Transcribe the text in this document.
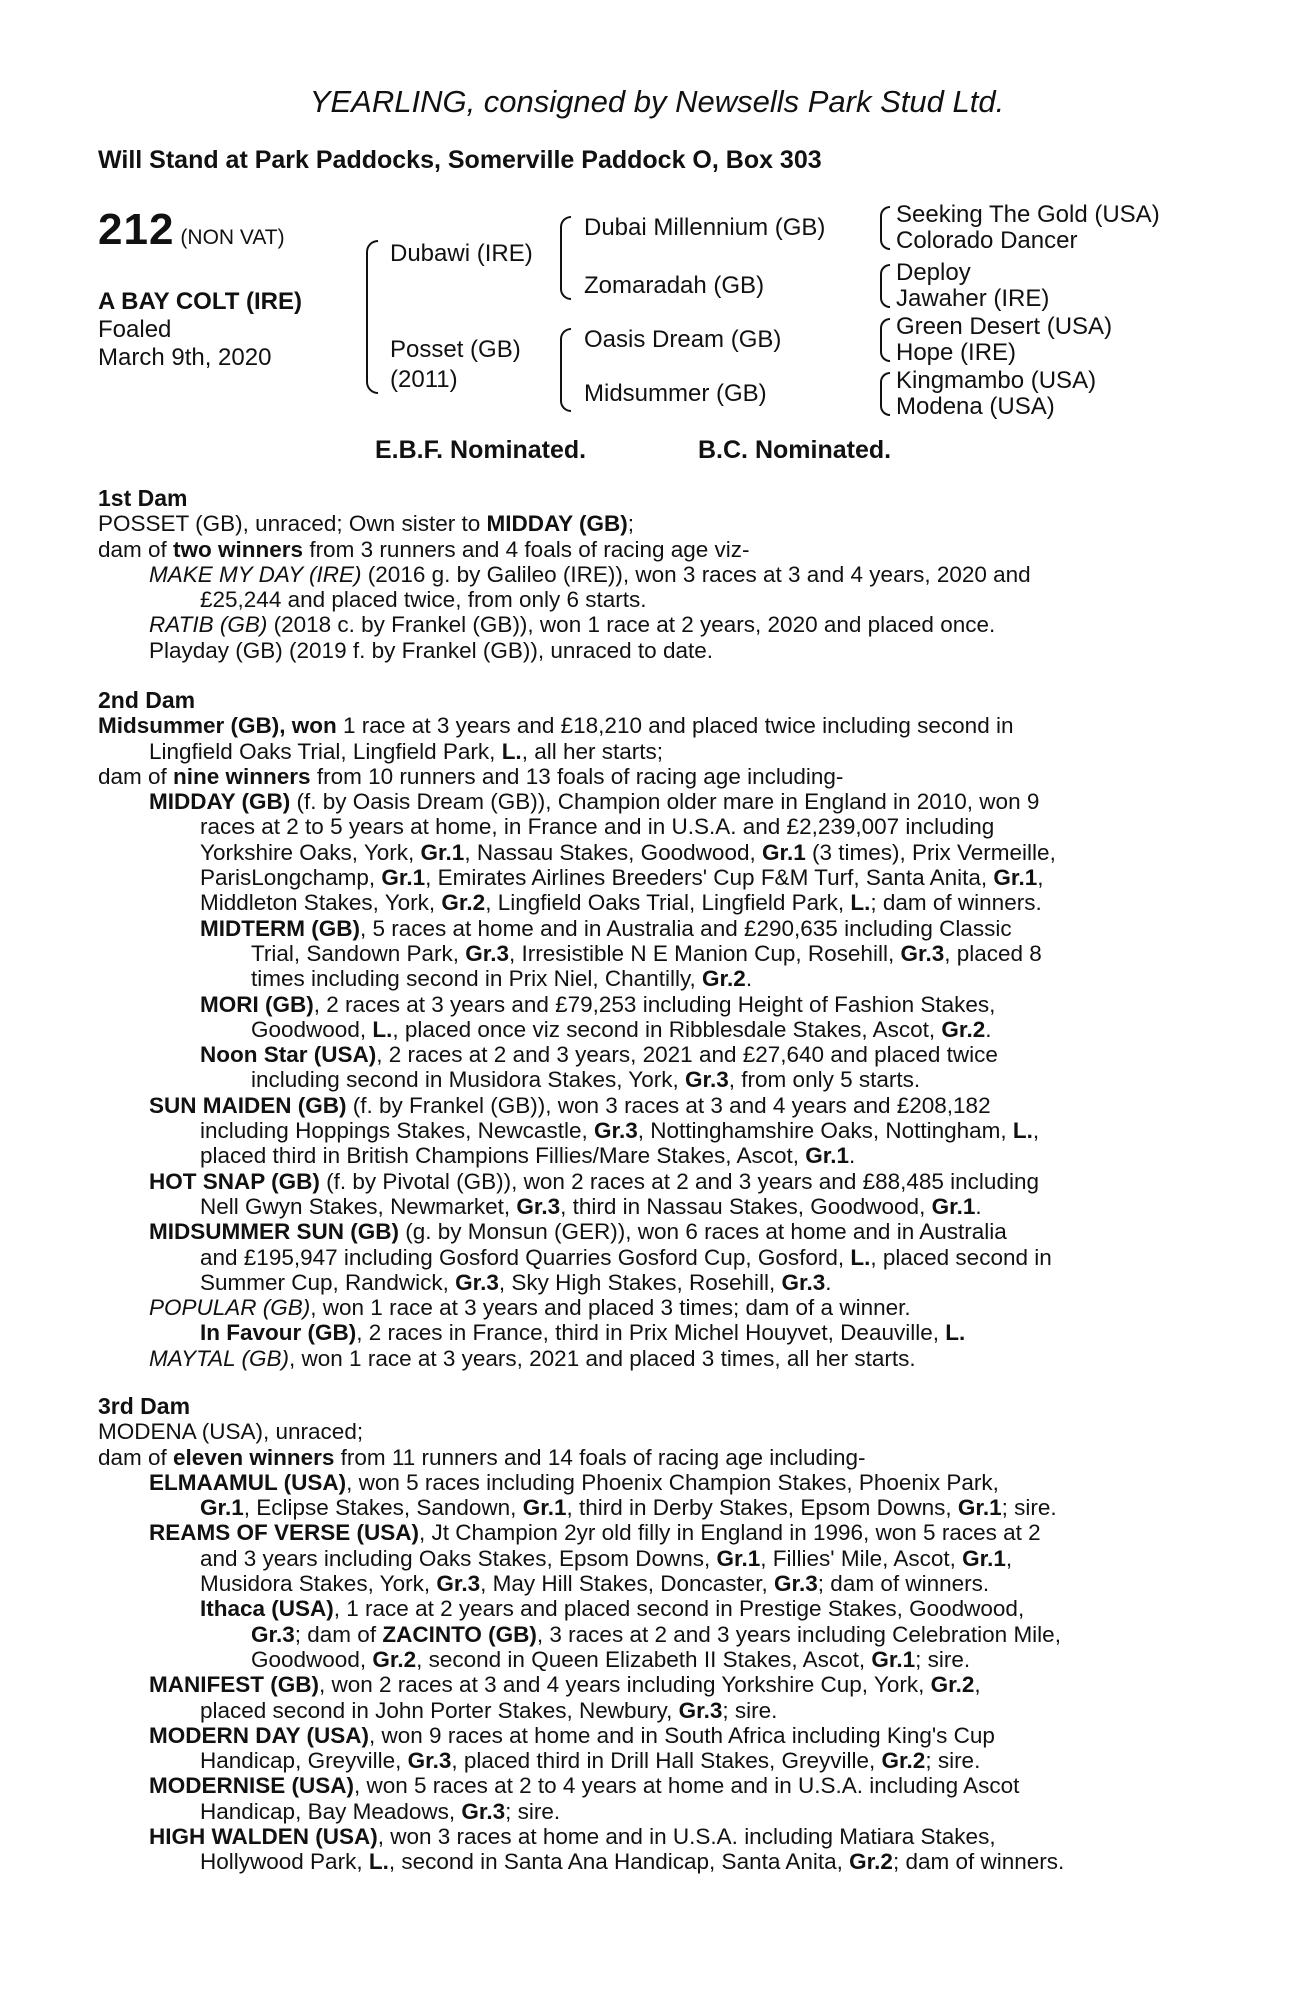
YEARLING, consigned by Newsells Park Stud Ltd.
Will Stand at Park Paddocks, Somerville Paddock O, Box 303
212 (NON VAT)
A BAY COLT (IRE)
Foaled
March 9th, 2020
Dubawi (IRE)
Posset (GB)
(2011)
Dubai Millennium (GB)
Zomaradah (GB)
Oasis Dream (GB)
Midsummer (GB)
Seeking The Gold (USA)
Colorado Dancer
Deploy
Jawaher (IRE)
Green Desert (USA)
Hope (IRE)
Kingmambo (USA)
Modena (USA)
E.B.F. Nominated.	B.C. Nominated.
1st Dam
POSSET (GB), unraced; Own sister to MIDDAY (GB);
dam of two winners from 3 runners and 4 foals of racing age viz-
MAKE MY DAY (IRE) (2016 g. by Galileo (IRE)), won 3 races at 3 and 4 years, 2020 and
£25,244 and placed twice, from only 6 starts.
RATIB (GB) (2018 c. by Frankel (GB)), won 1 race at 2 years, 2020 and placed once.
Playday (GB) (2019 f. by Frankel (GB)), unraced to date.
2nd Dam
Midsummer (GB), won 1 race at 3 years and £18,210 and placed twice including second in
Lingfield Oaks Trial, Lingfield Park, L., all her starts;
dam of nine winners from 10 runners and 13 foals of racing age including-
MIDDAY (GB) (f. by Oasis Dream (GB)), Champion older mare in England in 2010, won 9
races at 2 to 5 years at home, in France and in U.S.A. and £2,239,007 including
Yorkshire Oaks, York, Gr.1, Nassau Stakes, Goodwood, Gr.1 (3 times), Prix Vermeille,
ParisLongchamp, Gr.1, Emirates Airlines Breeders' Cup F&M Turf, Santa Anita, Gr.1,
Middleton Stakes, York, Gr.2, Lingfield Oaks Trial, Lingfield Park, L.; dam of winners.
MIDTERM (GB), 5 races at home and in Australia and £290,635 including Classic
Trial, Sandown Park, Gr.3, Irresistible N E Manion Cup, Rosehill, Gr.3, placed 8
times including second in Prix Niel, Chantilly, Gr.2.
MORI (GB), 2 races at 3 years and £79,253 including Height of Fashion Stakes,
Goodwood, L., placed once viz second in Ribblesdale Stakes, Ascot, Gr.2.
Noon Star (USA), 2 races at 2 and 3 years, 2021 and £27,640 and placed twice
including second in Musidora Stakes, York, Gr.3, from only 5 starts.
SUN MAIDEN (GB) (f. by Frankel (GB)), won 3 races at 3 and 4 years and £208,182
including Hoppings Stakes, Newcastle, Gr.3, Nottinghamshire Oaks, Nottingham, L.,
placed third in British Champions Fillies/Mare Stakes, Ascot, Gr.1.
HOT SNAP (GB) (f. by Pivotal (GB)), won 2 races at 2 and 3 years and £88,485 including
Nell Gwyn Stakes, Newmarket, Gr.3, third in Nassau Stakes, Goodwood, Gr.1.
MIDSUMMER SUN (GB) (g. by Monsun (GER)), won 6 races at home and in Australia
and £195,947 including Gosford Quarries Gosford Cup, Gosford, L., placed second in
Summer Cup, Randwick, Gr.3, Sky High Stakes, Rosehill, Gr.3.
POPULAR (GB), won 1 race at 3 years and placed 3 times; dam of a winner.
In Favour (GB), 2 races in France, third in Prix Michel Houyvet, Deauville, L.
MAYTAL (GB), won 1 race at 3 years, 2021 and placed 3 times, all her starts.
3rd Dam
MODENA (USA), unraced;
dam of eleven winners from 11 runners and 14 foals of racing age including-
ELMAAMUL (USA), won 5 races including Phoenix Champion Stakes, Phoenix Park,
Gr.1, Eclipse Stakes, Sandown, Gr.1, third in Derby Stakes, Epsom Downs, Gr.1; sire.
REAMS OF VERSE (USA), Jt Champion 2yr old filly in England in 1996, won 5 races at 2
and 3 years including Oaks Stakes, Epsom Downs, Gr.1, Fillies' Mile, Ascot, Gr.1,
Musidora Stakes, York, Gr.3, May Hill Stakes, Doncaster, Gr.3; dam of winners.
Ithaca (USA), 1 race at 2 years and placed second in Prestige Stakes, Goodwood,
Gr.3; dam of ZACINTO (GB), 3 races at 2 and 3 years including Celebration Mile,
Goodwood, Gr.2, second in Queen Elizabeth II Stakes, Ascot, Gr.1; sire.
MANIFEST (GB), won 2 races at 3 and 4 years including Yorkshire Cup, York, Gr.2,
placed second in John Porter Stakes, Newbury, Gr.3; sire.
MODERN DAY (USA), won 9 races at home and in South Africa including King's Cup
Handicap, Greyville, Gr.3, placed third in Drill Hall Stakes, Greyville, Gr.2; sire.
MODERNISE (USA), won 5 races at 2 to 4 years at home and in U.S.A. including Ascot
Handicap, Bay Meadows, Gr.3; sire.
HIGH WALDEN (USA), won 3 races at home and in U.S.A. including Matiara Stakes,
Hollywood Park, L., second in Santa Ana Handicap, Santa Anita, Gr.2; dam of winners.
